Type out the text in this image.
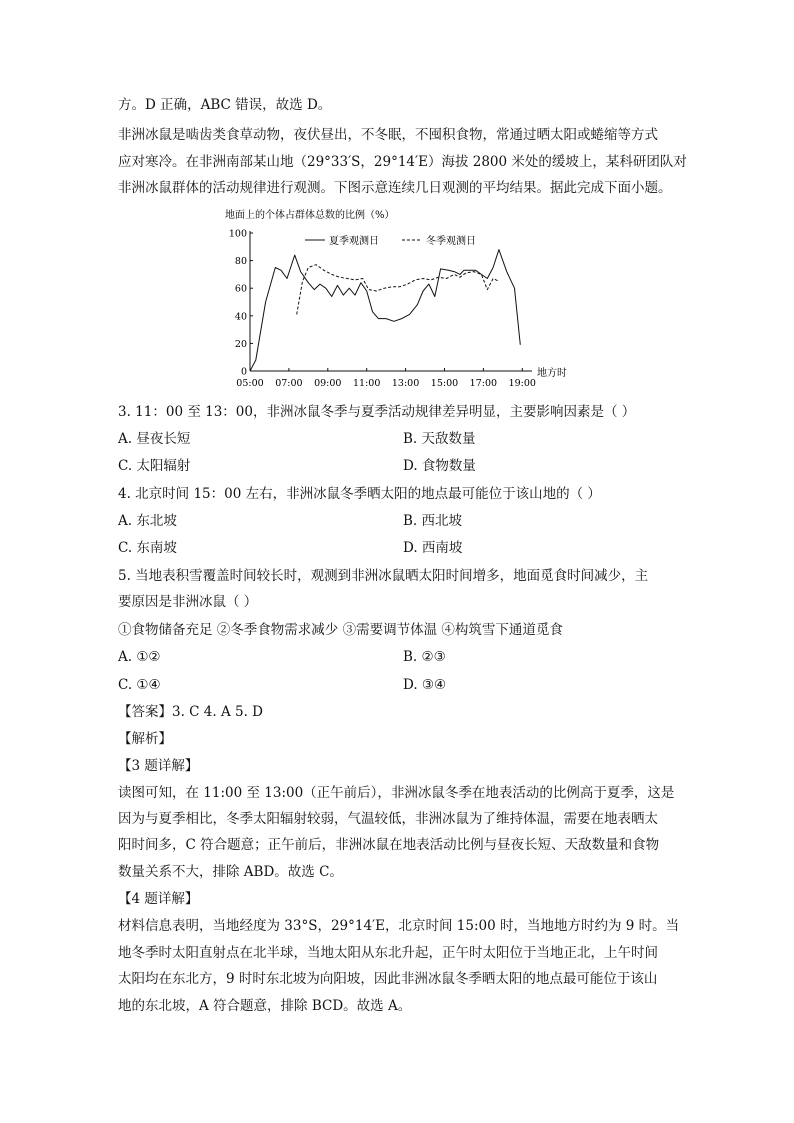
方。D 正确，ABC 错误，故选 D。
非洲冰鼠是啮齿类食草动物，夜伏昼出，不冬眠，不囤积食物，常通过晒太阳或蜷缩等方式
应对寒冷。在非洲南部某山地（29°33′S，29°14′E）海拔 2800 米处的缓坡上，某科研团队对
非洲冰鼠群体的活动规律进行观测。下图示意连续几日观测的平均结果。据此完成下面小题。
地面上的个体占群体总数的比例（%）
地方时
0
20
40
60
80
100
05:00 07:00 09:00 11:00 13:00 15:00 17:00 19:00
夏季观测日	冬季观测日
3. 11：00 至 13：00，非洲冰鼠冬季与夏季活动规律差异明显，主要影响因素是（ ）
A. 昼夜长短	B. 天敌数量
C. 太阳辐射	D. 食物数量
4. 北京时间 15：00 左右，非洲冰鼠冬季晒太阳的地点最可能位于该山地的（ ）
A. 东北坡	B. 西北坡
C. 东南坡	D. 西南坡
5. 当地表积雪覆盖时间较长时，观测到非洲冰鼠晒太阳时间增多，地面觅食时间减少，主
要原因是非洲冰鼠（ ）
①食物储备充足 ②冬季食物需求减少 ③需要调节体温 ④构筑雪下通道觅食
A. ①②	B. ②③
C. ①④	D. ③④
【答案】3. C 4. A 5. D
【解析】
【3 题详解】
读图可知，在 11:00 至 13:00（正午前后），非洲冰鼠冬季在地表活动的比例高于夏季，这是
因为与夏季相比，冬季太阳辐射较弱，气温较低，非洲冰鼠为了维持体温，需要在地表晒太
阳时间多，C 符合题意；正午前后，非洲冰鼠在地表活动比例与昼夜长短、天敌数量和食物
数量关系不大，排除 ABD。故选 C。
【4 题详解】
材料信息表明，当地经度为 33°S，29°14′E，北京时间 15:00 时，当地地方时约为 9 时。当
地冬季时太阳直射点在北半球，当地太阳从东北升起，正午时太阳位于当地正北，上午时间
太阳均在东北方，9 时时东北坡为向阳坡，因此非洲冰鼠冬季晒太阳的地点最可能位于该山
地的东北坡，A 符合题意，排除 BCD。故选 A。
